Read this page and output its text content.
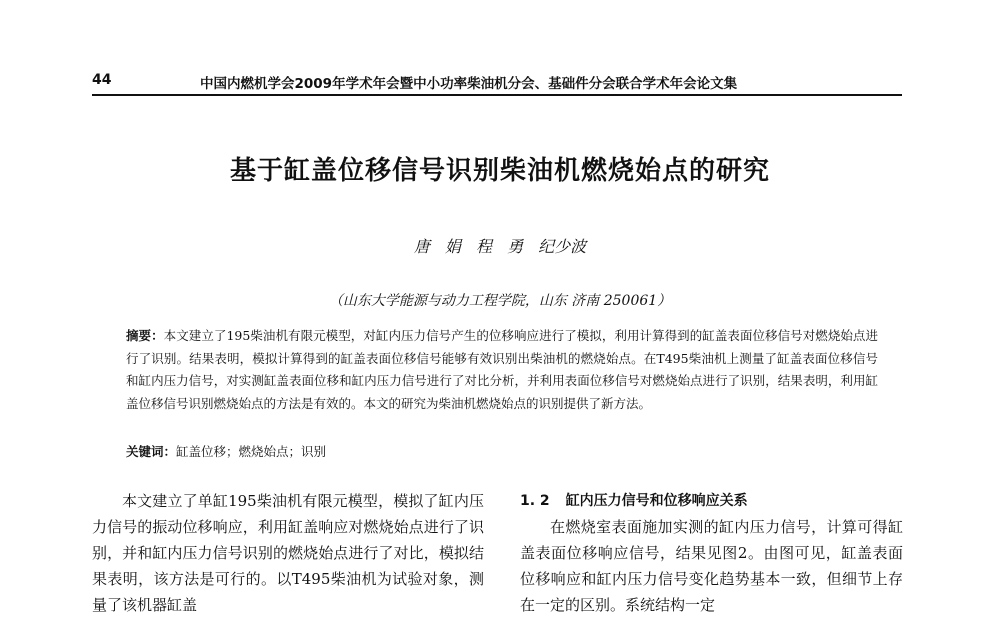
44	中国内燃机学会2009年学术年会暨中小功率柴油机分会、基础件分会联合学术年会论文集
基于缸盖位移信号识别柴油机燃烧始点的研究
唐 娟 程 勇 纪少波
（山东大学能源与动力工程学院，山东 济南 250061）
摘要：本文建立了195柴油机有限元模型，对缸内压力信号产生的位移响应进行了模拟，利用计算得到的缸盖表面位移信号对燃烧始点进行了识别。结果表明，模拟计算得到的缸盖表面位移信号能够有效识别出柴油机的燃烧始点。在T495柴油机上测量了缸盖表面位移信号和缸内压力信号，对实测缸盖表面位移和缸内压力信号进行了对比分析，并利用表面位移信号对燃烧始点进行了识别，结果表明，利用缸盖位移信号识别燃烧始点的方法是有效的。本文的研究为柴油机燃烧始点的识别提供了新方法。
关键词：缸盖位移；燃烧始点；识别
本文建立了单缸195柴油机有限元模型，模拟了缸内压力信号的振动位移响应，利用缸盖响应对燃烧始点进行了识别，并和缸内压力信号识别的燃烧始点进行了对比，模拟结果表明，该方法是可行的。以T495柴油机为试验对象，测量了该机器缸盖
1. 2 缸内压力信号和位移响应关系
在燃烧室表面施加实测的缸内压力信号，计算可得缸盖表面位移响应信号，结果见图2。由图可见，缸盖表面位移响应和缸内压力信号变化趋势基本一致，但细节上存在一定的区别。系统结构一定
